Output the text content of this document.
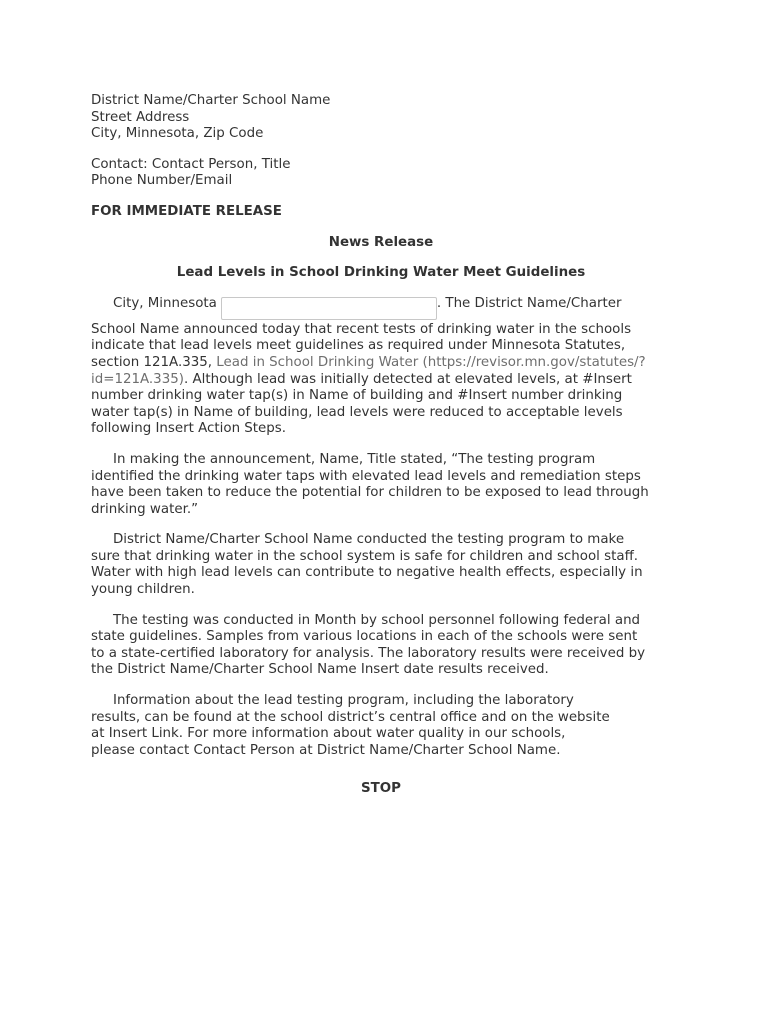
District Name/Charter School Name
Street Address
City, Minnesota, Zip Code
Contact: Contact Person, Title
Phone Number/Email
FOR IMMEDIATE RELEASE
News Release
Lead Levels in School Drinking Water Meet Guidelines
City, Minnesota	. The District Name/Charter
School Name announced today that recent tests of drinking water in the schools
indicate that lead levels meet guidelines as required under Minnesota Statutes,
section 121A.335, Lead in School Drinking Water (https://revisor.mn.gov/statutes/?
id=121A.335). Although lead was initially detected at elevated levels, at #Insert
number drinking water tap(s) in Name of building and #Insert number drinking
water tap(s) in Name of building, lead levels were reduced to acceptable levels
following Insert Action Steps.
In making the announcement, Name, Title stated, “The testing program
identified the drinking water taps with elevated lead levels and remediation steps
have been taken to reduce the potential for children to be exposed to lead through
drinking water.”
District Name/Charter School Name conducted the testing program to make
sure that drinking water in the school system is safe for children and school staff.
Water with high lead levels can contribute to negative health effects, especially in
young children.
The testing was conducted in Month by school personnel following federal and
state guidelines. Samples from various locations in each of the schools were sent
to a state-certified laboratory for analysis. The laboratory results were received by
the District Name/Charter School Name Insert date results received.
Information about the lead testing program, including the laboratory
results, can be found at the school district’s central office and on the website
at Insert Link. For more information about water quality in our schools,
please contact Contact Person at District Name/Charter School Name.
STOP
